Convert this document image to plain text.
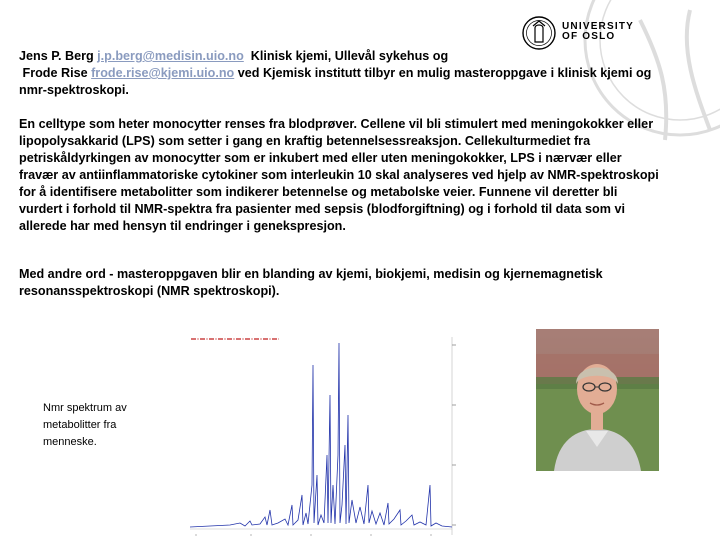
UNIVERSITY
OF OSLO

Jens P. Berg j.p.berg@medisin.uio.no Klinisk kjemi, Ullevål sykehus og
Frode Rise frode.rise@kjemi.uio.no ved Kjemisk institutt tilbyr en mulig masteroppgave i klinisk kjemi og nmr-spektroskopi.

En celltype som heter monocytter renses fra blodprøver. Cellene vil bli stimulert med meningokokker eller lipopolysakkarid (LPS) som setter i gang en kraftig betennelsessreaksjon. Cellekulturmediet fra petriskåldyrkingen av monocytter som er inkubert med eller uten meningokokker, LPS i nærvær eller fravær av antiinflammatoriske cytokiner som interleukin 10 skal analyseres ved hjelp av NMR-spektroskopi for å identifisere metabolitter som indikerer betennelse og metabolske veier. Funnene vil deretter bli vurdert i forhold til NMR-spektra fra pasienter med sepsis (blodforgiftning) og i forhold til data som vi allerede har med hensyn til endringer i genekspresjon.

Med andre ord - masteroppgaven blir en blanding av kjemi, biokjemi, medisin og kjernemagnetisk resonansspektroskopi (NMR spektroskopi).

Nmr spektrum av metabolitter fra menneske.
